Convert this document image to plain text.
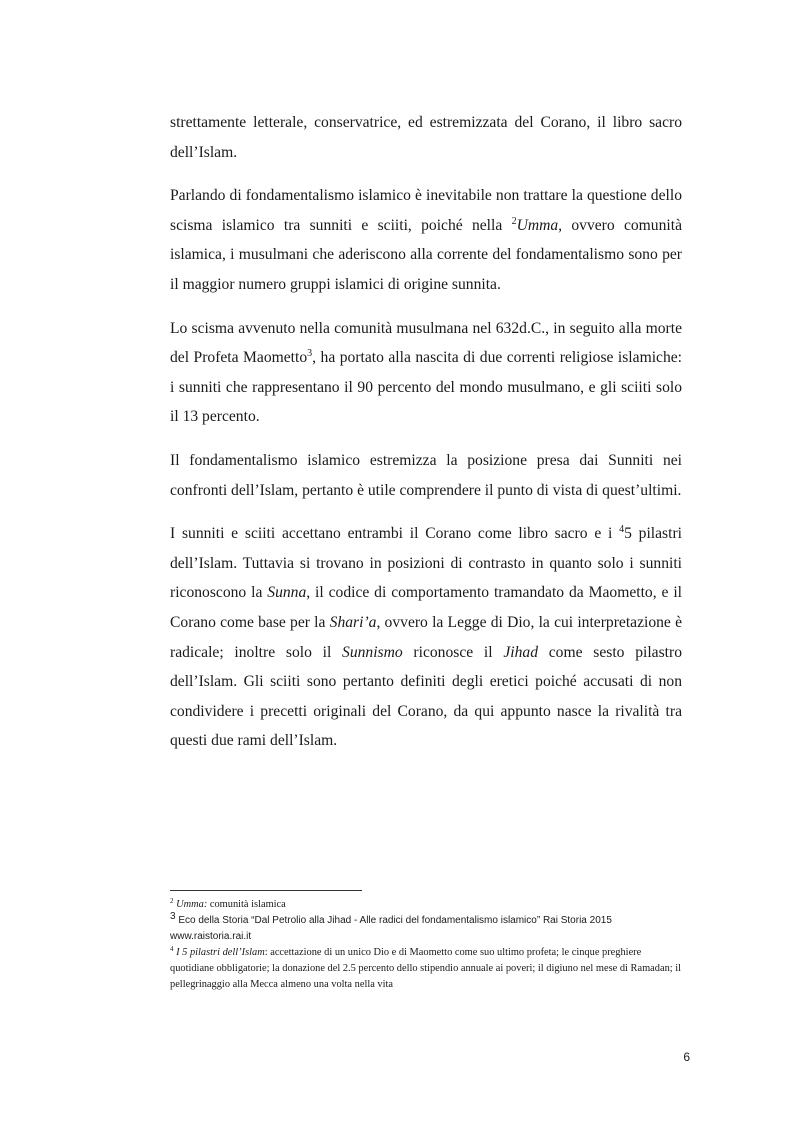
strettamente letterale, conservatrice, ed estremizzata del Corano, il libro sacro dell’Islam.

Parlando di fondamentalismo islamico è inevitabile non trattare la questione dello scisma islamico tra sunniti e sciiti, poiché nella $^2$Umma, ovvero comunità islamica, i musulmani che aderiscono alla corrente del fondamentalismo sono per il maggior numero gruppi islamici di origine sunnita.

Lo scisma avvenuto nella comunità musulmana nel 632d.C., in seguito alla morte del Profeta Maometto$^3$, ha portato alla nascita di due correnti religiose islamiche: i sunniti che rappresentano il 90 percento del mondo musulmano, e gli sciiti solo il 13 percento.

Il fondamentalismo islamico estremizza la posizione presa dai Sunniti nei confronti dell’Islam, pertanto è utile comprendere il punto di vista di quest’ultimi.

I sunniti e sciiti accettano entrambi il Corano come libro sacro e i $^4$5 pilastri dell’Islam. Tuttavia si trovano in posizioni di contrasto in quanto solo i sunniti riconoscono la Sunna, il codice di comportamento tramandato da Maometto, e il Corano come base per la Shari’a, ovvero la Legge di Dio, la cui interpretazione è radicale; inoltre solo il Sunnismo riconosce il Jihad come sesto pilastro dell’Islam. Gli sciiti sono pertanto definiti degli eretici poiché accusati di non condividere i precetti originali del Corano, da qui appunto nasce la rivalità tra questi due rami dell’Islam.

$^2$ Umma: comunità islamica

$^3$ Eco della Storia “Dal Petrolio alla Jihad - Alle radici del fondamentalismo islamico” Rai Storia 2015 www.raistoria.rai.it

$^4$ I 5 pilastri dell’Islam: accettazione di un unico Dio e di Maometto come suo ultimo profeta; le cinque preghiere quotidiane obbligatorie; la donazione del 2.5 percento dello stipendio annuale ai poveri; il digiuno nel mese di Ramadan; il pellegrinaggio alla Mecca almeno una volta nella vita

6
